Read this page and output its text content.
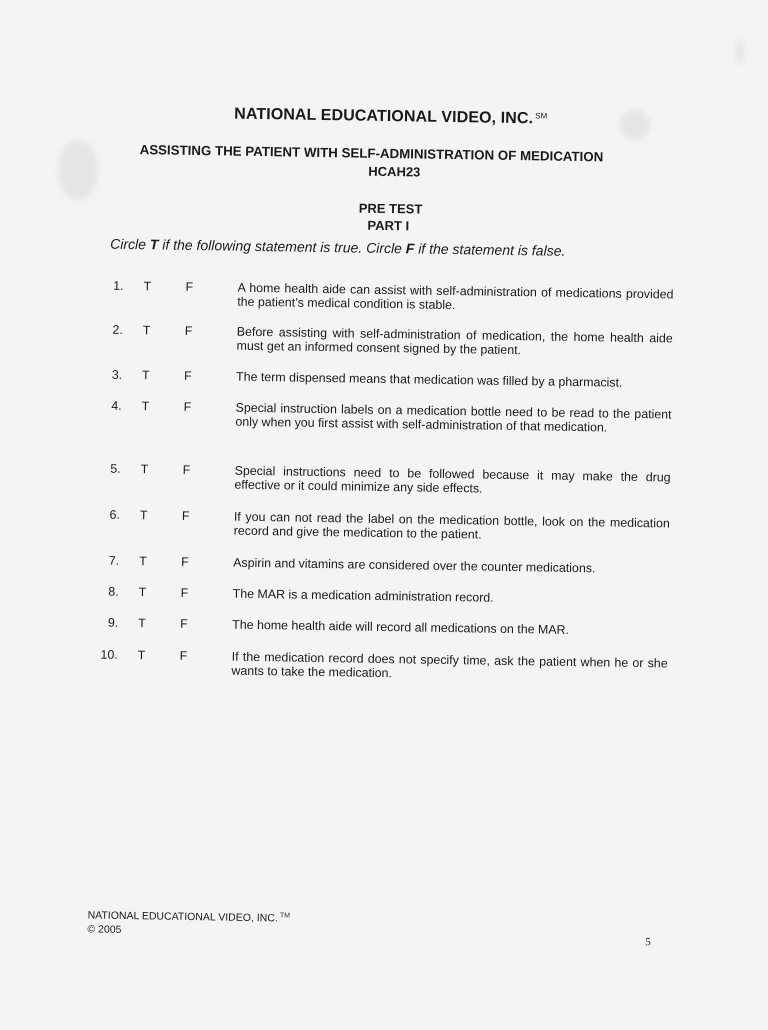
NATIONAL EDUCATIONAL VIDEO, INC. ℠
ASSISTING THE PATIENT WITH SELF-ADMINISTRATION OF MEDICATION
HCAH23
PRE TEST
PART I
Circle T if the following statement is true. Circle F if the statement is false.
1. T	F	A home health aide can assist with self-administration of medications provided the patient’s medical condition is stable.
2. T	F	Before assisting with self-administration of medication, the home health aide must get an informed consent signed by the patient.
3. T	F	The term dispensed means that medication was filled by a pharmacist.
4. T	F	Special instruction labels on a medication bottle need to be read to the patient only when you first assist with self-administration of that medication.
5. T	F	Special instructions need to be followed because it may make the drug effective or it could minimize any side effects.
6. T	F	If you can not read the label on the medication bottle, look on the medication record and give the medication to the patient.
7. T	F	Aspirin and vitamins are considered over the counter medications.
8. T	F	The MAR is a medication administration record.
9. T	F	The home health aide will record all medications on the MAR.
10. T	F	If the medication record does not specify time, ask the patient when he or she wants to take the medication.
NATIONAL EDUCATIONAL VIDEO, INC. ™
© 2005
5
